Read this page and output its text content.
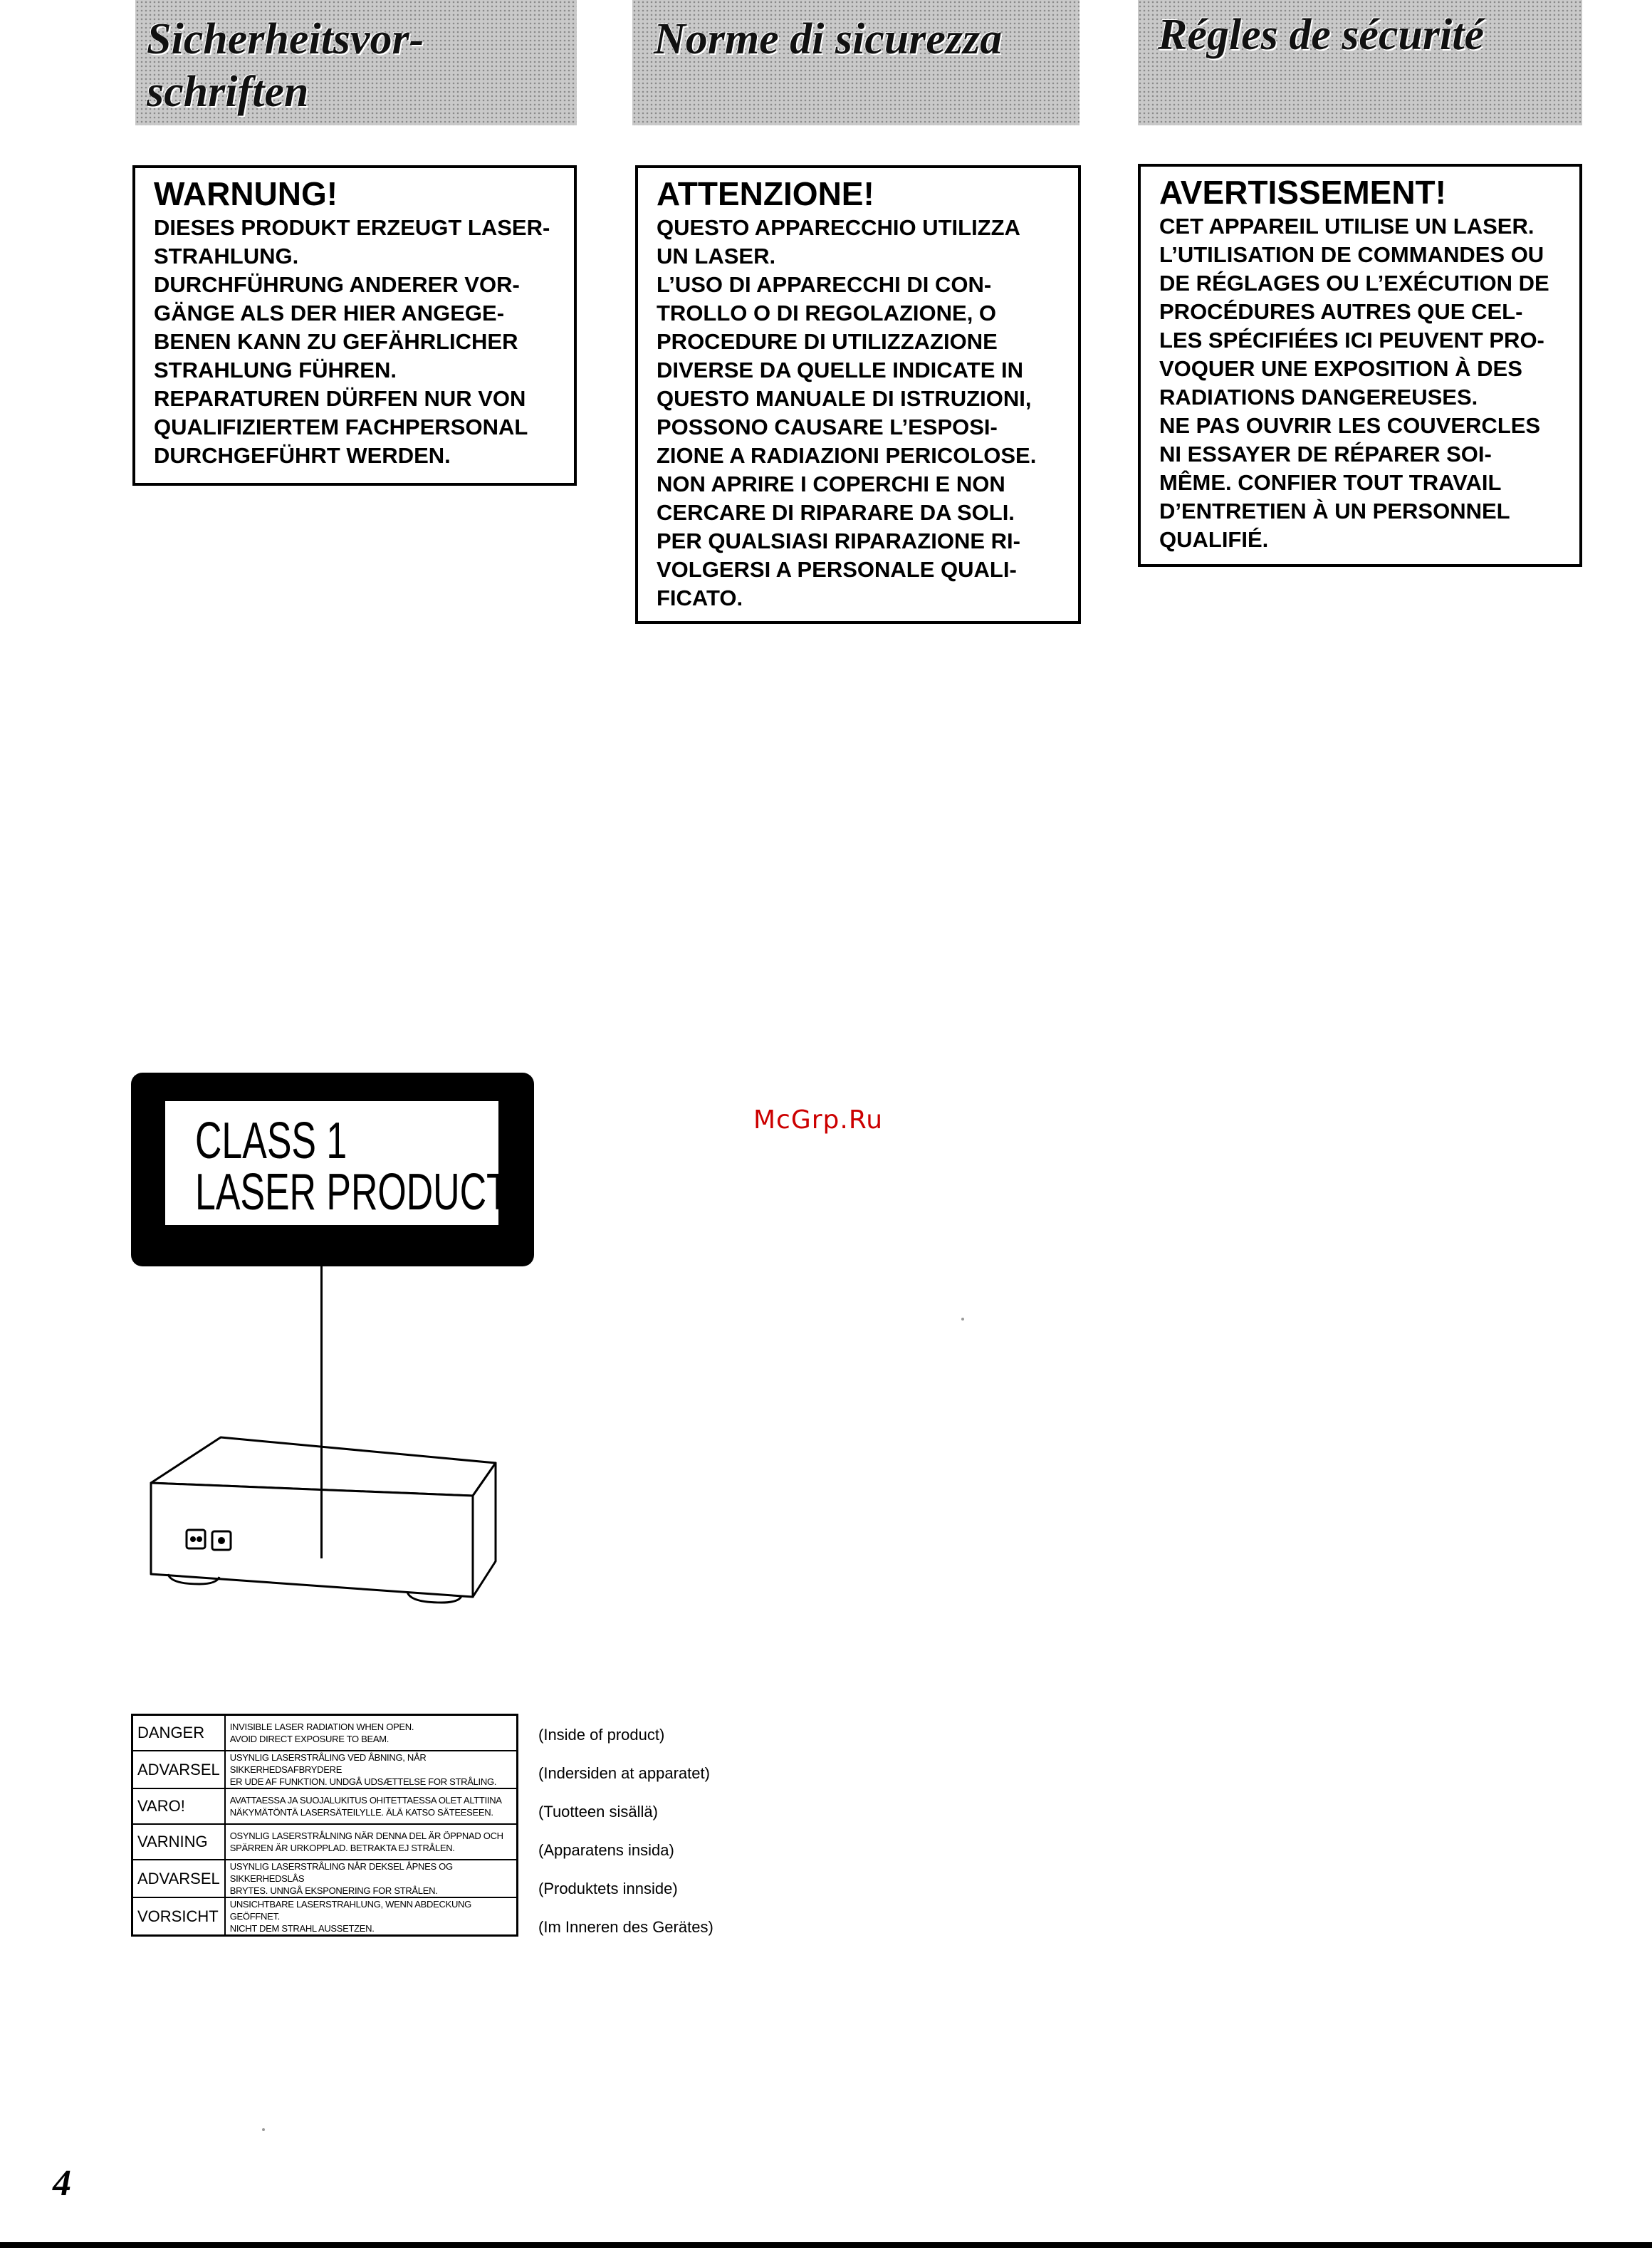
Sicherheitsvor-
schriften
Norme di sicurezza	Régles de sécurité
WARNUNG!

DIESES PRODUKT ERZEUGT LASER-
STRAHLUNG.
DURCHFÜHRUNG ANDERER VOR-
GÄNGE ALS DER HIER ANGEGE-
BENEN KANN ZU GEFÄHRLICHER
STRAHLUNG FÜHREN.
REPARATUREN DÜRFEN NUR VON
QUALIFIZIERTEM FACHPERSONAL
DURCHGEFÜHRT WERDEN.

ATTENZIONE!

QUESTO APPARECCHIO UTILIZZA
UN LASER.
L’USO DI APPARECCHI DI CON-
TROLLO O DI REGOLAZIONE, O
PROCEDURE DI UTILIZZAZIONE
DIVERSE DA QUELLE INDICATE IN
QUESTO MANUALE DI ISTRUZIONI,
POSSONO CAUSARE L’ESPOSI-
ZIONE A RADIAZIONI PERICOLOSE.
NON APRIRE I COPERCHI E NON
CERCARE DI RIPARARE DA SOLI.
PER QUALSIASI RIPARAZIONE RI-
VOLGERSI A PERSONALE QUALI-
FICATO.

AVERTISSEMENT!

CET APPAREIL UTILISE UN LASER.
L’UTILISATION DE COMMANDES OU
DE RÉGLAGES OU L’EXÉCUTION DE
PROCÉDURES AUTRES QUE CEL-
LES SPÉCIFIÉES ICI PEUVENT PRO-
VOQUER UNE EXPOSITION À DES
RADIATIONS DANGEREUSES.
NE PAS OUVRIR LES COUVERCLES
NI ESSAYER DE RÉPARER SOI-
MÊME. CONFIER TOUT TRAVAIL
D’ENTRETIEN À UN PERSONNEL
QUALIFIÉ.

McGrp.Ru
CLASS 1
LASER PRODUCT
DANGER	INVISIBLE LASER RADIATION WHEN OPEN.
AVOID DIRECT EXPOSURE TO BEAM.
ADVARSEL	USYNLIG LASERSTRÅLING VED ÅBNING, NÅR SIKKERHEDSAFBRYDERE
ER UDE AF FUNKTION. UNDGÅ UDSÆTTELSE FOR STRÅLING.
VARO!	AVATTAESSA JA SUOJALUKITUS OHITETTAESSA OLET ALTTIINA
NÄKYMÄTÖNTÄ LASERSÄTEILYLLE. ÄLÄ KATSO SÄTEESEEN.
VARNING	OSYNLIG LASERSTRÅLNING NÄR DENNA DEL ÄR ÖPPNAD OCH
SPÄRREN ÄR URKOPPLAD. BETRAKTA EJ STRÅLEN.
ADVARSEL	USYNLIG LASERSTRÅLING NÅR DEKSEL ÅPNES OG SIKKERHEDSLÅS
BRYTES. UNNGÅ EKSPONERING FOR STRÅLEN.
VORSICHT	UNSICHTBARE LASERSTRAHLUNG, WENN ABDECKUNG GEÖFFNET.
NICHT DEM STRAHL AUSSETZEN.
(Inside of product)
(Indersiden at apparatet)
(Tuotteen sisällä)
(Apparatens insida)
(Produktets innside)
(Im Inneren des Gerätes)
4
